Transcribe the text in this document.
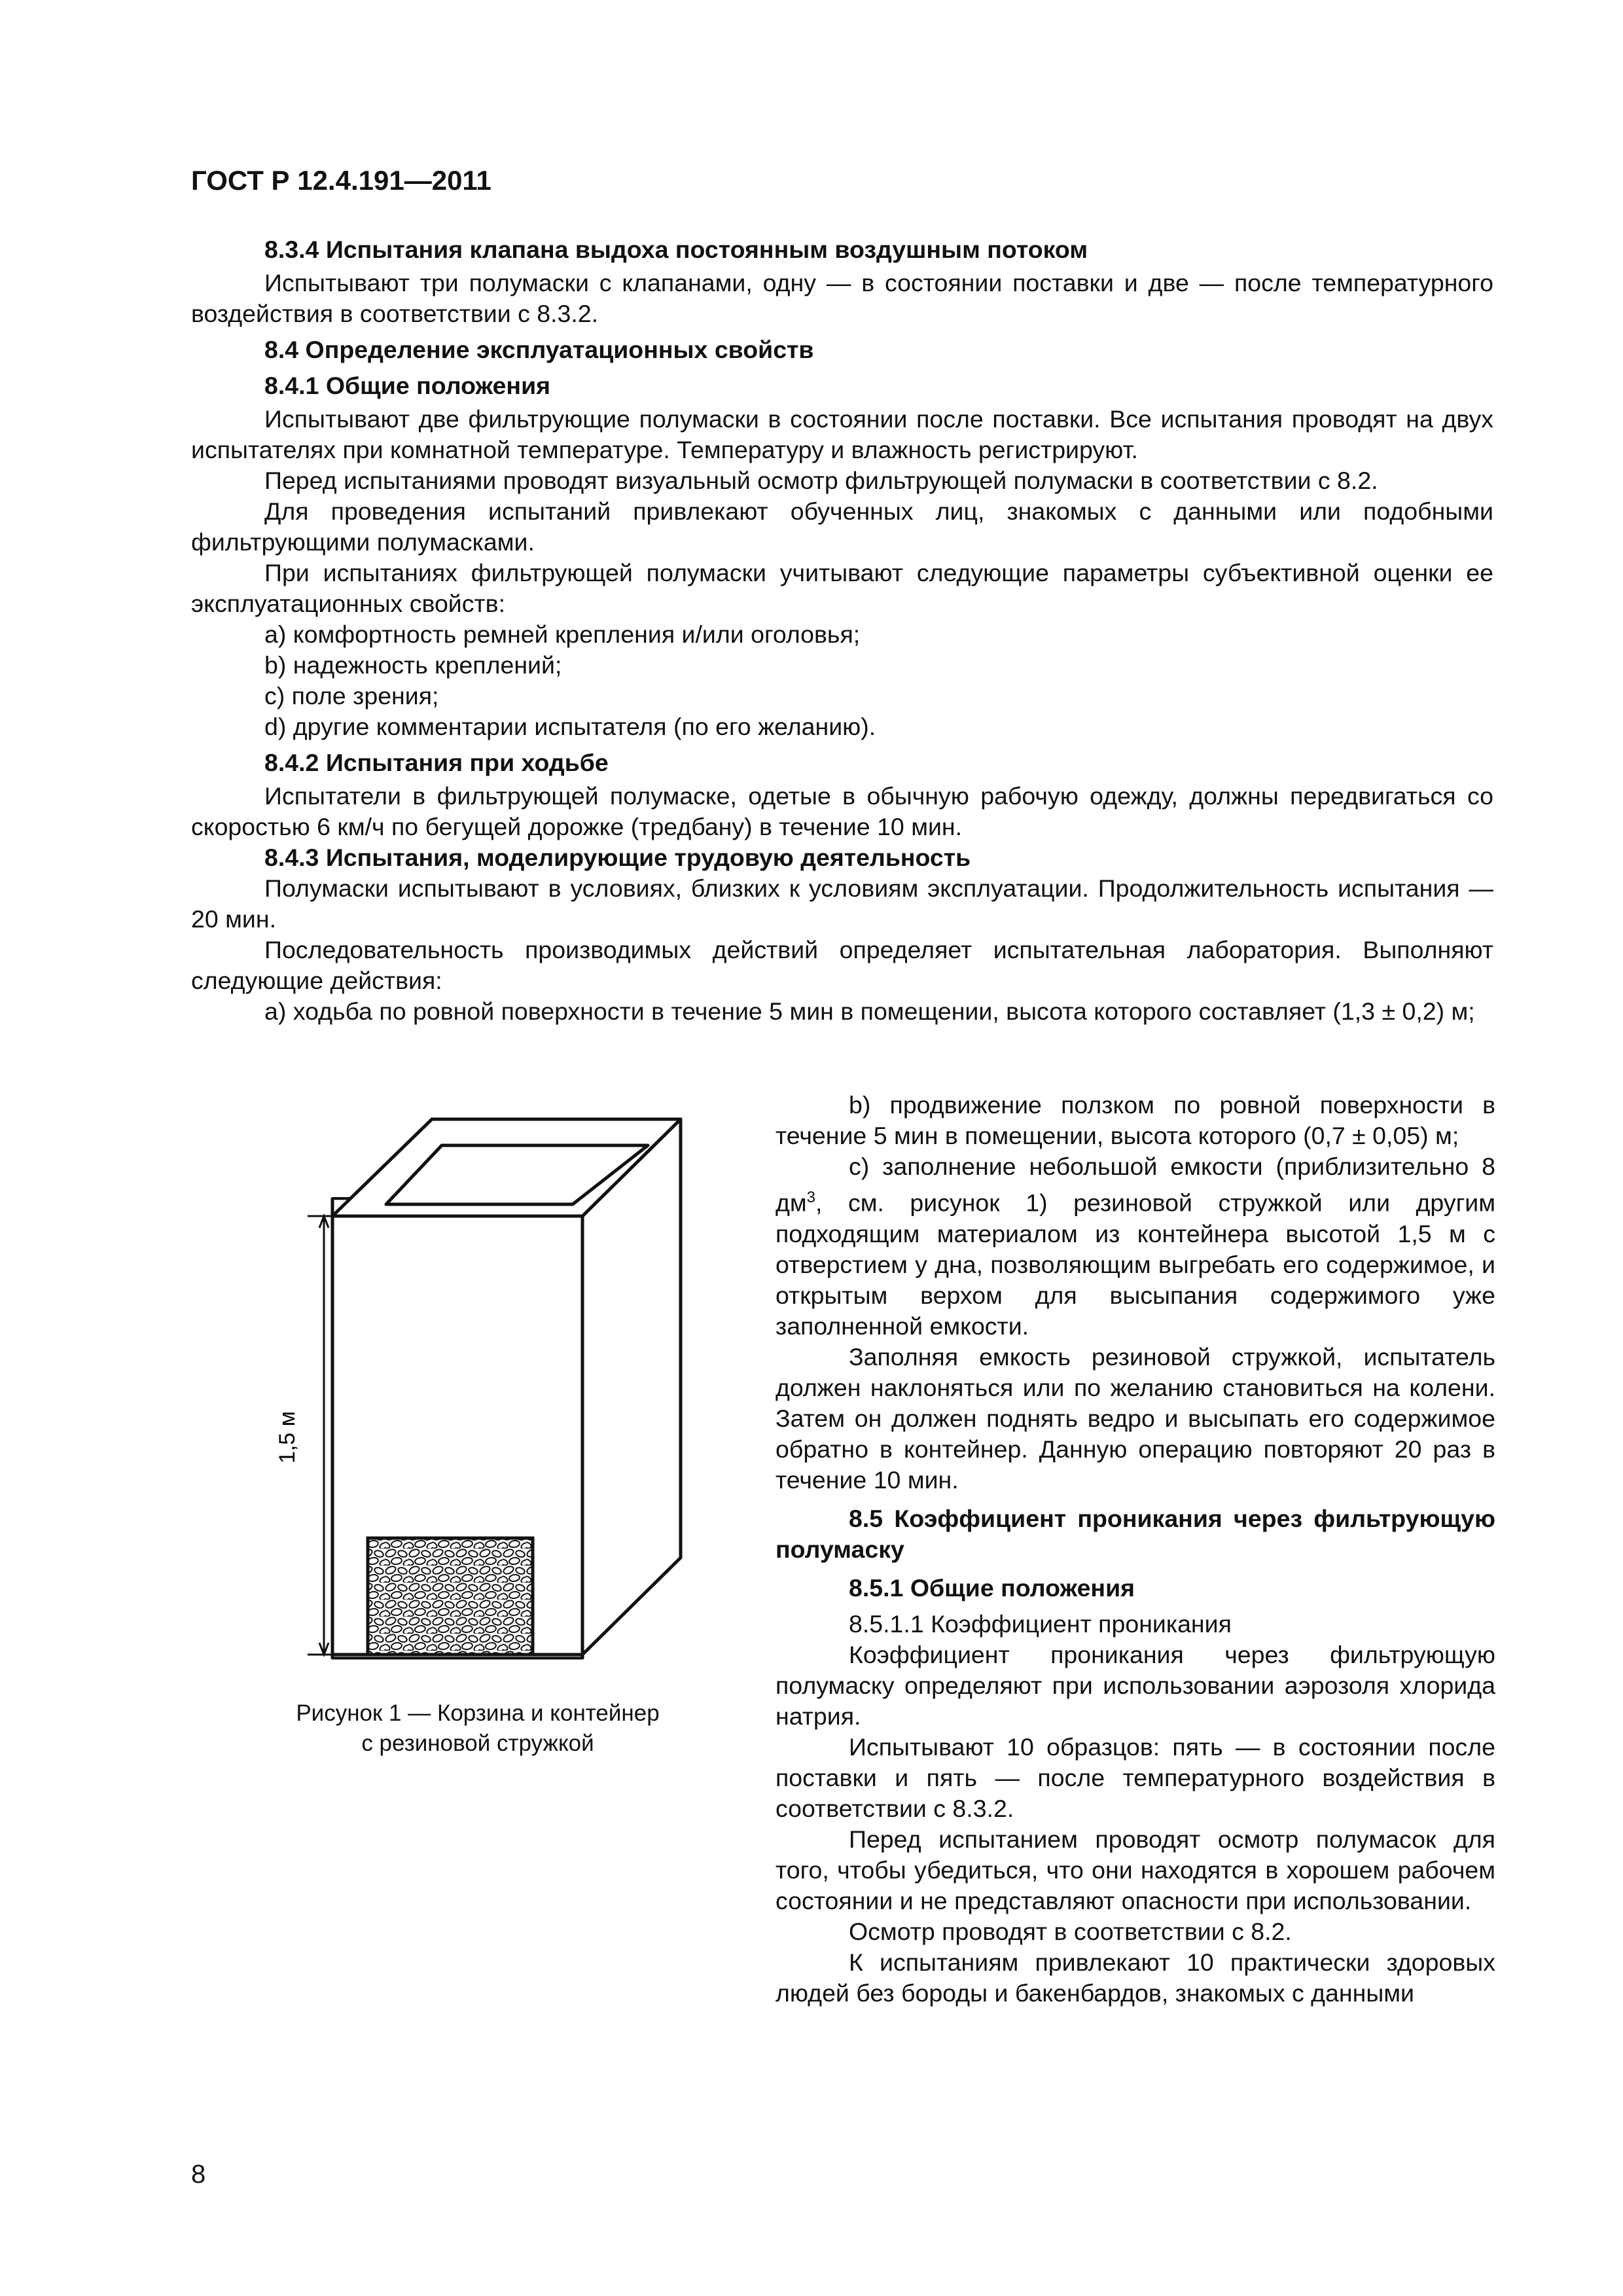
ГОСТ Р 12.4.191—2011

8.3.4 Испытания клапана выдоха постоянным воздушным потоком

Испытывают три полумаски с клапанами, одну — в состоянии поставки и две — после температурного воздействия в соответствии с 8.3.2.

8.4 Определение эксплуатационных свойств

8.4.1 Общие положения

Испытывают две фильтрующие полумаски в состоянии после поставки. Все испытания проводят на двух испытателях при комнатной температуре. Температуру и влажность регистрируют.

Перед испытаниями проводят визуальный осмотр фильтрующей полумаски в соответствии с 8.2.

Для проведения испытаний привлекают обученных лиц, знакомых с данными или подобными фильтрующими полумасками.

При испытаниях фильтрующей полумаски учитывают следующие параметры субъективной оценки ее эксплуатационных свойств:

a) комфортность ремней крепления и/или оголовья;
b) надежность креплений;
c) поле зрения;
d) другие комментарии испытателя (по его желанию).

8.4.2 Испытания при ходьбе

Испытатели в фильтрующей полумаске, одетые в обычную рабочую одежду, должны передвигаться со скоростью 6 км/ч по бегущей дорожке (тредбану) в течение 10 мин.

8.4.3 Испытания, моделирующие трудовую деятельность

Полумаски испытывают в условиях, близких к условиям эксплуатации. Продолжительность испытания — 20 мин.

Последовательность производимых действий определяет испытательная лаборатория. Выполняют следующие действия:

а) ходьба по ровной поверхности в течение 5 мин в помещении, высота которого составляет (1,3 ± 0,2) м;

1,5 м
Рисунок 1 — Корзина и контейнер
с резиновой стружкой

b) продвижение ползком по ровной поверхности в течение 5 мин в помещении, высота которого (0,7 ± 0,05) м;

с) заполнение небольшой емкости (приблизительно 8 $дм^3$, см. рисунок 1) резиновой стружкой или другим подходящим материалом из контейнера высотой 1,5 м с отверстием у дна, позволяющим выгребать его содержимое, и открытым верхом для высыпания содержимого уже заполненной емкости.

Заполняя емкость резиновой стружкой, испытатель должен наклоняться или по желанию становиться на колени. Затем он должен поднять ведро и высыпать его содержимое обратно в контейнер. Данную операцию повторяют 20 раз в течение 10 мин.

8.5 Коэффициент проникания через фильтрующую полумаску

8.5.1 Общие положения

8.5.1.1 Коэффициент проникания

Коэффициент проникания через фильтрующую полумаску определяют при использовании аэрозоля хлорида натрия.

Испытывают 10 образцов: пять — в состоянии после поставки и пять — после температурного воздействия в соответствии с 8.3.2.

Перед испытанием проводят осмотр полумасок для того, чтобы убедиться, что они находятся в хорошем рабочем состоянии и не представляют опасности при использовании.

Осмотр проводят в соответствии с 8.2.

К испытаниям привлекают 10 практически здоровых людей без бороды и бакенбардов, знакомых с данными

8
